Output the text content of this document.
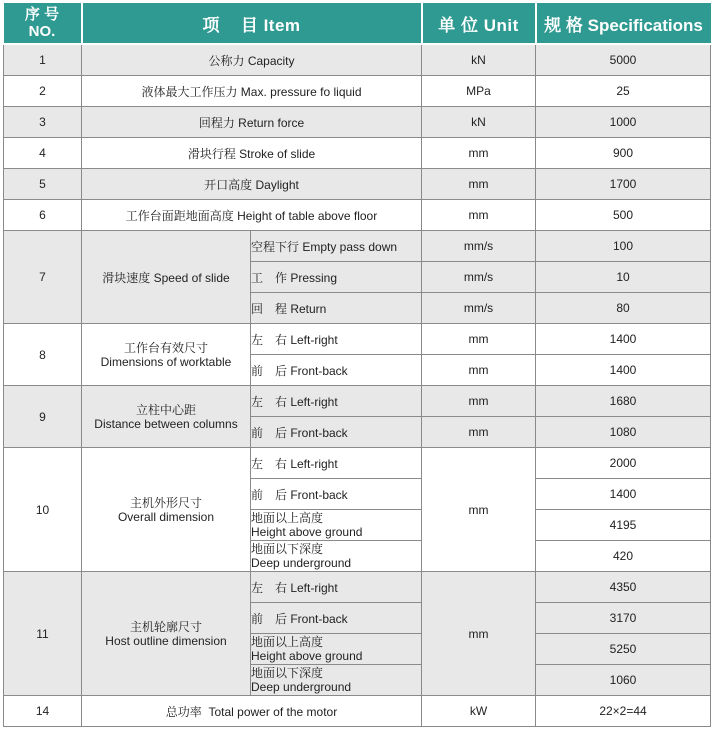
序 号
NO.	项    目 Item		单 位 Unit	规 格 Specifications
1	公称力 Capacity		kN	5000
2	液体最大工作压力 Max. pressure fo liquid		MPa	25
3	回程力 Return force		kN	1000
4	滑块行程 Stroke of slide		mm	900
5	开口高度 Daylight		mm	1700
6	工作台面距地面高度 Height of table above floor		mm	500
7	滑块速度 Speed of slide	空程下行 Empty pass down	mm/s	100
		工　作 Pressing	mm/s	10
		回　程 Return	mm/s	80
8	工作台有效尺寸
Dimensions of worktable	左　右 Left-right	mm	1400
		前　后 Front-back	mm	1400
9	立柱中心距
Distance between columns	左　右 Left-right	mm	1680
		前　后 Front-back	mm	1080
10	主机外形尺寸
Overall dimension	左　右 Left-right	mm	2000
		前　后 Front-back		1400

		地面以上高度
Height above ground		4195

		地面以下深度
Deep underground		420
11	主机轮廓尺寸
Host outline dimension	左　右 Left-right	mm	4350
		前　后 Front-back		3170

		地面以上高度
Height above ground		5250

		地面以下深度
Deep underground		1060
14	总功率  Total power of the motor		kW	22×2=44
